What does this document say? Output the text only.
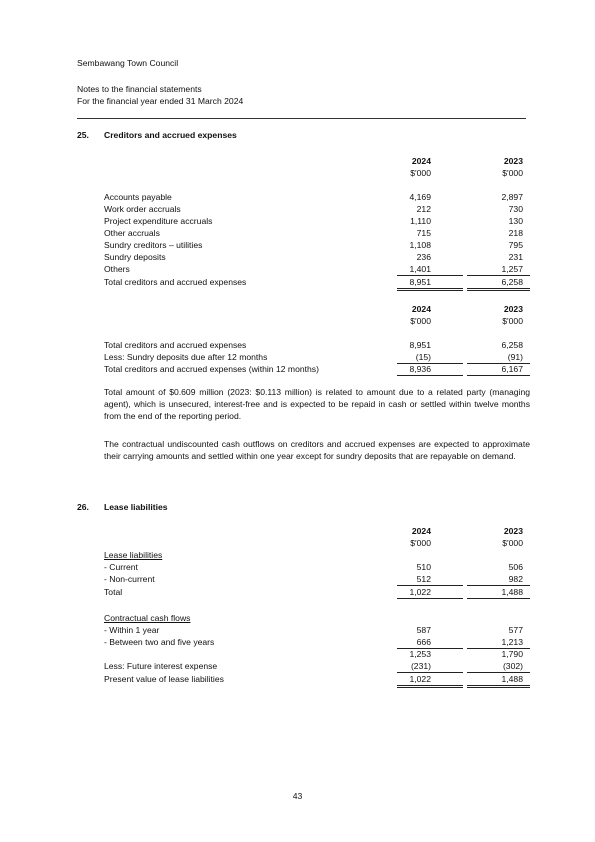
Sembawang Town Council
Notes to the financial statements
For the financial year ended 31 March 2024
25. Creditors and accrued expenses
2024	2023
$'000	$'000
Accounts payable	4,169	2,897
Work order accruals	212	730
Project expenditure accruals	1,110	130
Other accruals	715	218
Sundry creditors – utilities	1,108	795
Sundry deposits	236	231
Others	1,401	1,257
Total creditors and accrued expenses	8,951	6,258
2024	2023
$'000	$'000
Total creditors and accrued expenses	8,951	6,258
Less: Sundry deposits due after 12 months	(15)	(91)
Total creditors and accrued expenses (within 12 months)	8,936	6,167
Total amount of $0.609 million (2023: $0.113 million) is related to amount due to a related party (managing agent), which is unsecured, interest-free and is expected to be repaid in cash or settled within twelve months from the end of the reporting period.
The contractual undiscounted cash outflows on creditors and accrued expenses are expected to approximate their carrying amounts and settled within one year except for sundry deposits that are repayable on demand.
26. Lease liabilities
2024	2023
$'000	$'000
Lease liabilities
- Current	510	506
- Non-current	512	982
Total	1,022	1,488
Contractual cash flows
- Within 1 year	587	577
- Between two and five years	666	1,213
1,253	1,790
Less: Future interest expense	(231)	(302)
Present value of lease liabilities	1,022	1,488
43
